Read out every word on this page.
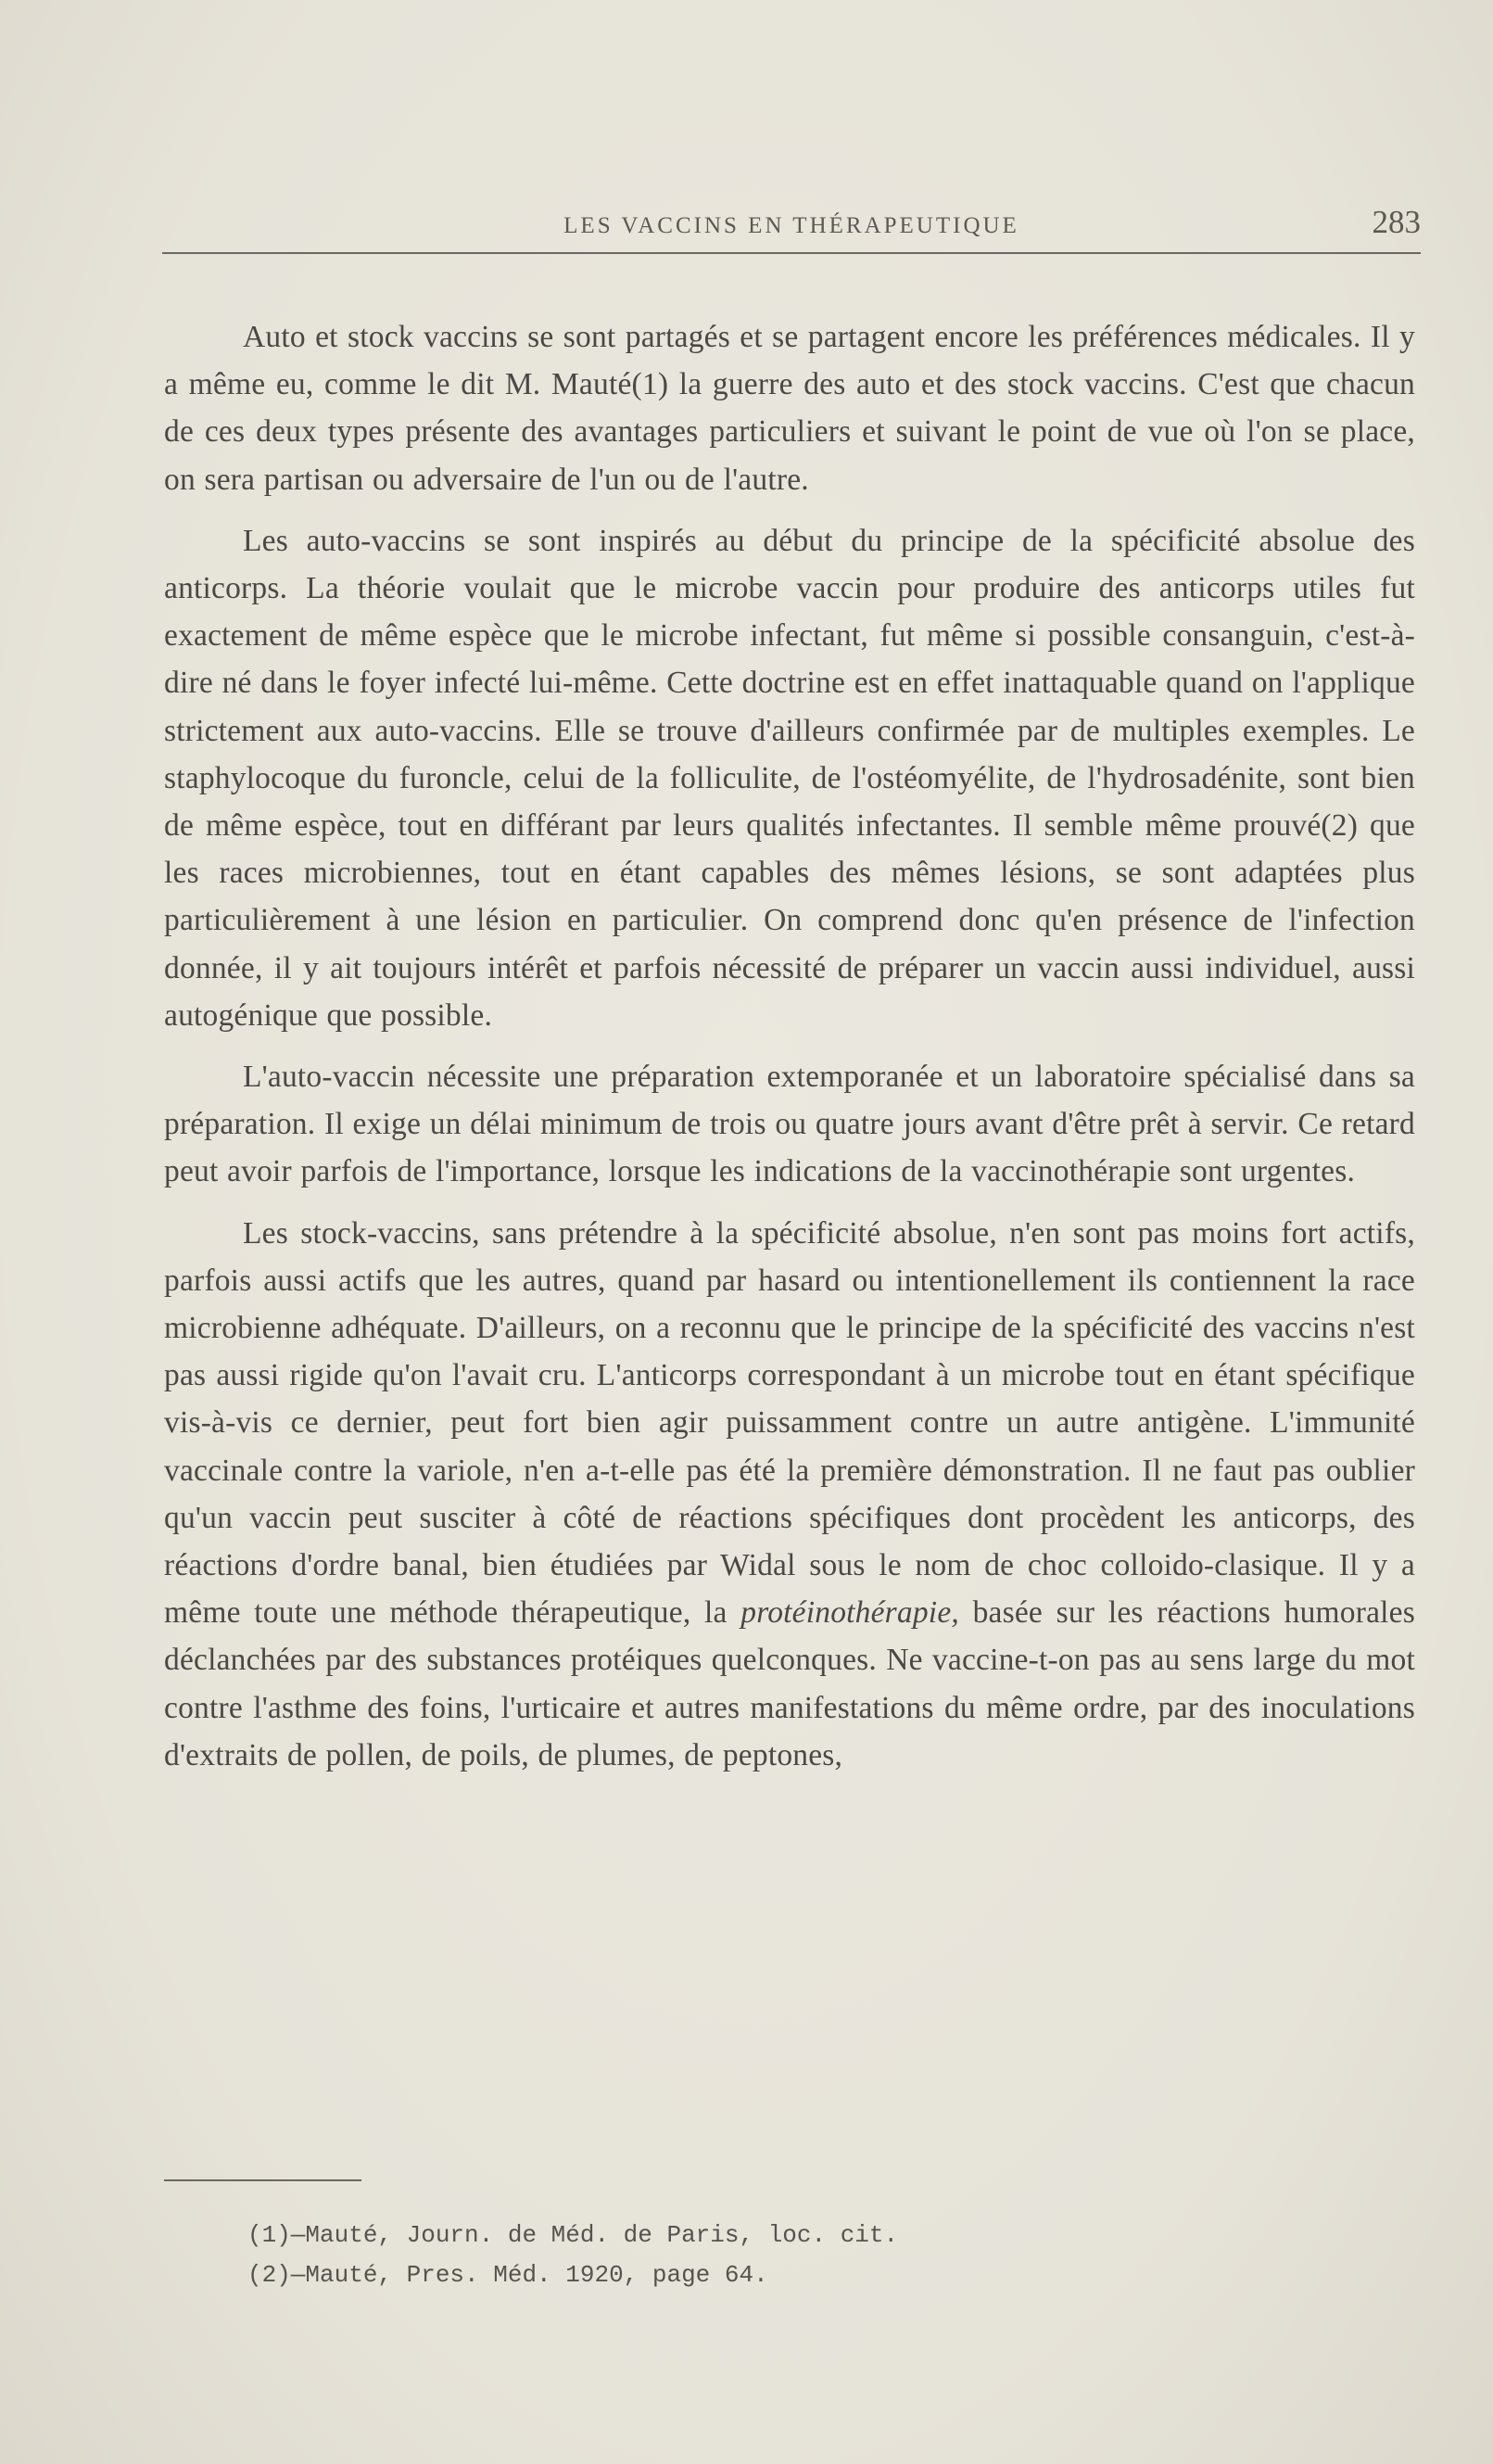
LES VACCINS EN THÉRAPEUTIQUE	283

Auto et stock vaccins se sont partagés et se partagent encore les préférences médicales. Il y a même eu, comme le dit M. Mauté(1) la guerre des auto et des stock vaccins. C'est que chacun de ces deux types présente des avantages particuliers et suivant le point de vue où l'on se place, on sera partisan ou adversaire de l'un ou de l'autre.

Les auto-vaccins se sont inspirés au début du principe de la spécificité absolue des anticorps. La théorie voulait que le microbe vaccin pour produire des anticorps utiles fut exactement de même espèce que le microbe infectant, fut même si possible consanguin, c'est-à-dire né dans le foyer infecté lui-même. Cette doctrine est en effet inattaquable quand on l'applique strictement aux auto-vaccins. Elle se trouve d'ailleurs confirmée par de multiples exemples. Le staphylocoque du furoncle, celui de la folliculite, de l'ostéomyélite, de l'hydrosadénite, sont bien de même espèce, tout en différant par leurs qualités infectantes. Il semble même prouvé(2) que les races microbiennes, tout en étant capables des mêmes lésions, se sont adaptées plus particulièrement à une lésion en particulier. On comprend donc qu'en présence de l'infection donnée, il y ait toujours intérêt et parfois nécessité de préparer un vaccin aussi individuel, aussi autogénique que possible.

L'auto-vaccin nécessite une préparation extemporanée et un laboratoire spécialisé dans sa préparation. Il exige un délai minimum de trois ou quatre jours avant d'être prêt à servir. Ce retard peut avoir parfois de l'importance, lorsque les indications de la vaccinothérapie sont urgentes.

Les stock-vaccins, sans prétendre à la spécificité absolue, n'en sont pas moins fort actifs, parfois aussi actifs que les autres, quand par hasard ou intentionellement ils contiennent la race microbienne adhéquate. D'ailleurs, on a reconnu que le principe de la spécificité des vaccins n'est pas aussi rigide qu'on l'avait cru. L'anticorps correspondant à un microbe tout en étant spécifique vis-à-vis ce dernier, peut fort bien agir puissamment contre un autre antigène. L'immunité vaccinale contre la variole, n'en a-t-elle pas été la première démonstration. Il ne faut pas oublier qu'un vaccin peut susciter à côté de réactions spécifiques dont procèdent les anticorps, des réactions d'ordre banal, bien étudiées par Widal sous le nom de choc colloido-clasique. Il y a même toute une méthode thérapeutique, la protéinothérapie, basée sur les réactions humorales déclanchées par des substances protéiques quelconques. Ne vaccine-t-on pas au sens large du mot contre l'asthme des foins, l'urticaire et autres manifestations du même ordre, par des inoculations d'extraits de pollen, de poils, de plumes, de peptones,

(1)—Mauté, Journ. de Méd. de Paris, loc. cit.
(2)—Mauté, Pres. Méd. 1920, page 64.
